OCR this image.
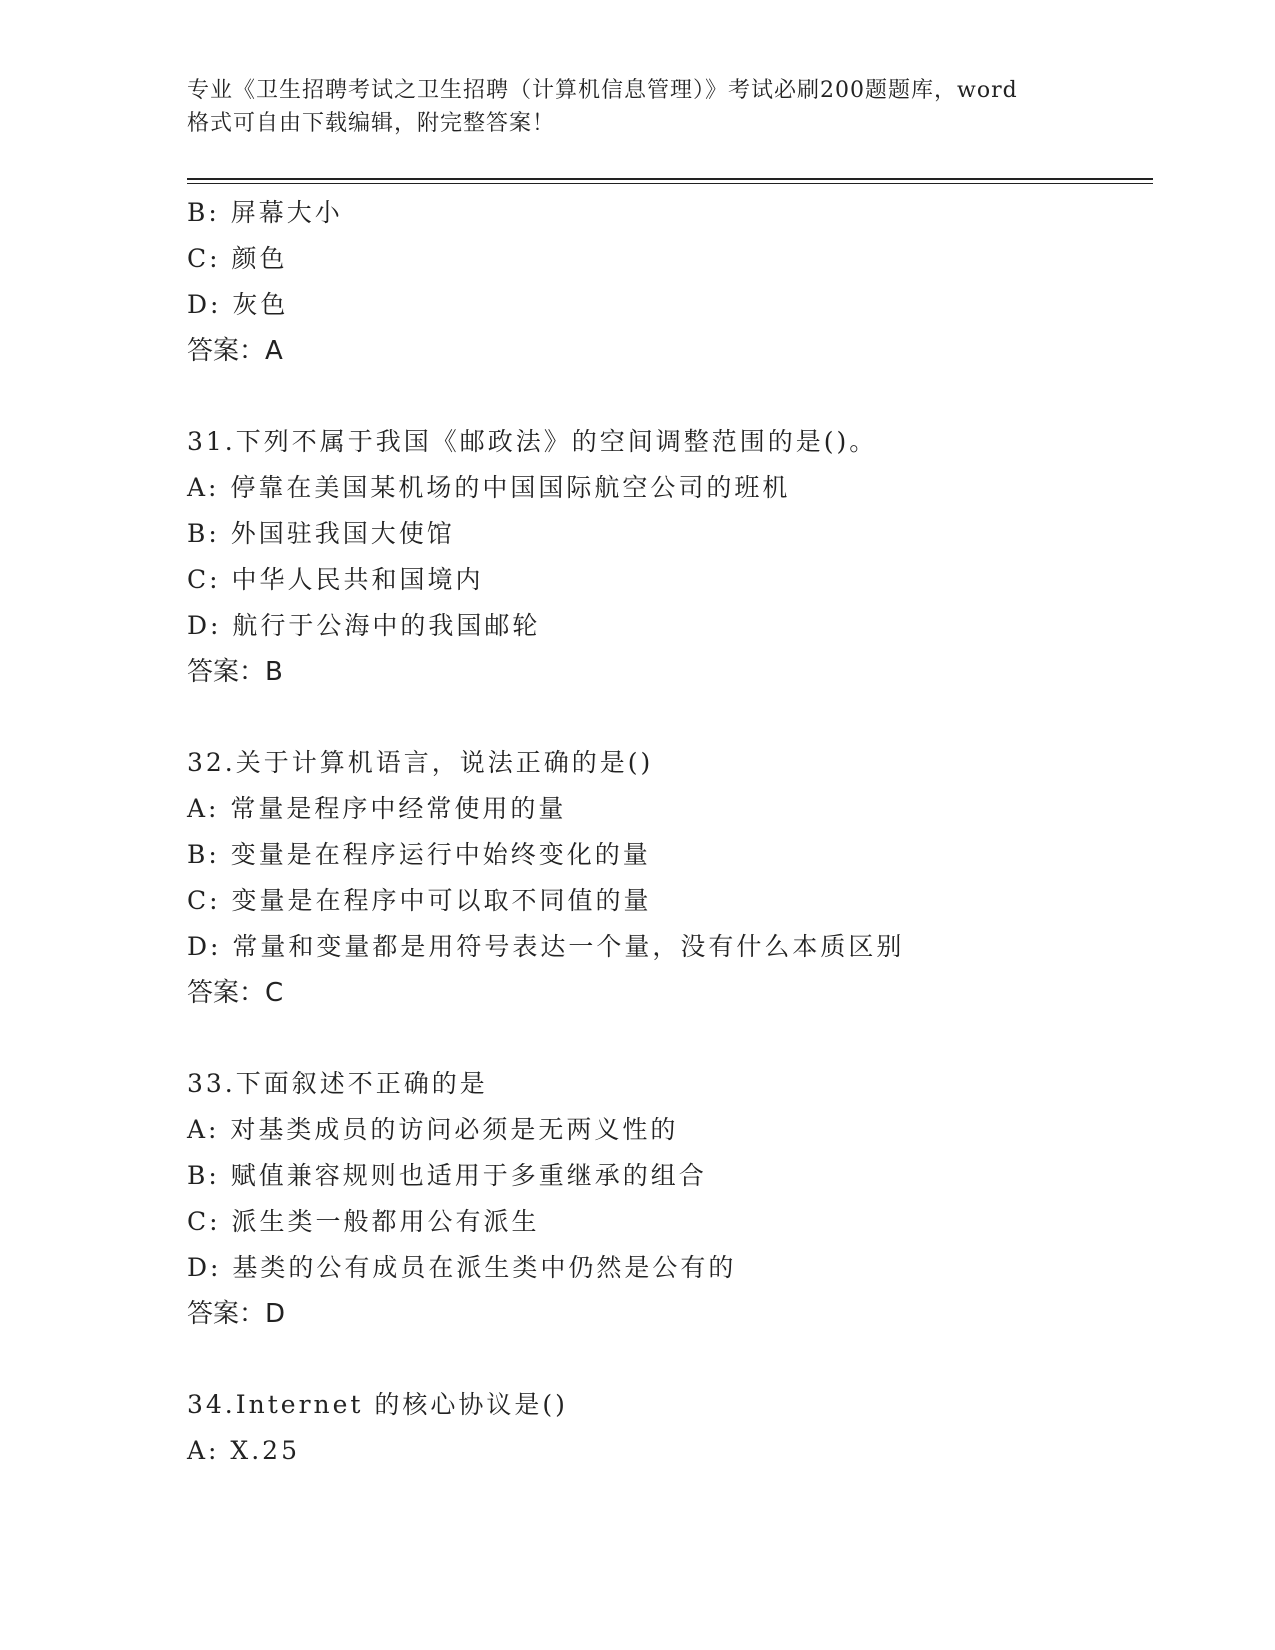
专业《卫生招聘考试之卫生招聘（计算机信息管理）》考试必刷200题题库，word
格式可自由下载编辑，附完整答案！
B: 屏幕大小
C: 颜色
D: 灰色
答案：A
31.下列不属于我国《邮政法》的空间调整范围的是()。
A: 停靠在美国某机场的中国国际航空公司的班机
B: 外国驻我国大使馆
C: 中华人民共和国境内
D: 航行于公海中的我国邮轮
答案：B
32.关于计算机语言，说法正确的是()
A: 常量是程序中经常使用的量
B: 变量是在程序运行中始终变化的量
C: 变量是在程序中可以取不同值的量
D: 常量和变量都是用符号表达一个量，没有什么本质区别
答案：C
33.下面叙述不正确的是
A: 对基类成员的访问必须是无两义性的
B: 赋值兼容规则也适用于多重继承的组合
C: 派生类一般都用公有派生
D: 基类的公有成员在派生类中仍然是公有的
答案：D
34.Internet 的核心协议是()
A: X.25
